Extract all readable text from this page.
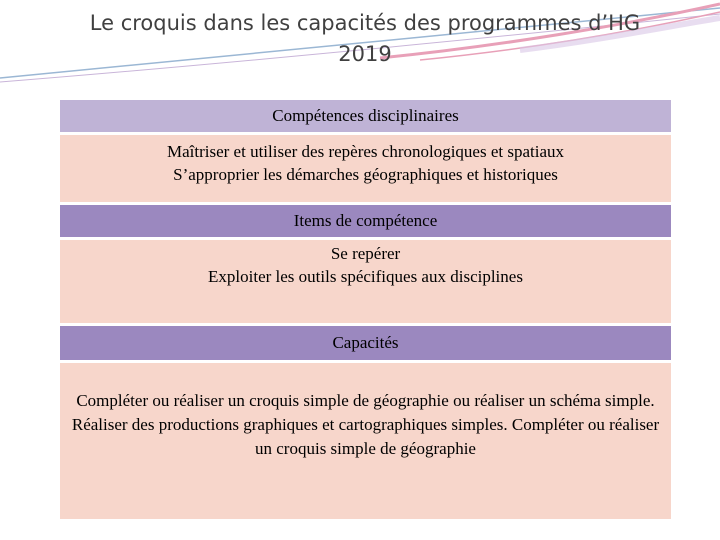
Le croquis dans les capacités des programmes d’HG
2019
Compétences disciplinaires
Maîtriser et utiliser des repères chronologiques et spatiaux
S’approprier les démarches géographiques et historiques
Items de compétence
Se repérer
Exploiter les outils spécifiques aux disciplines
Capacités
Compléter ou réaliser un croquis simple de géographie ou réaliser un schéma simple. Réaliser des productions graphiques et cartographiques simples. Compléter ou réaliser un croquis simple de géographie
